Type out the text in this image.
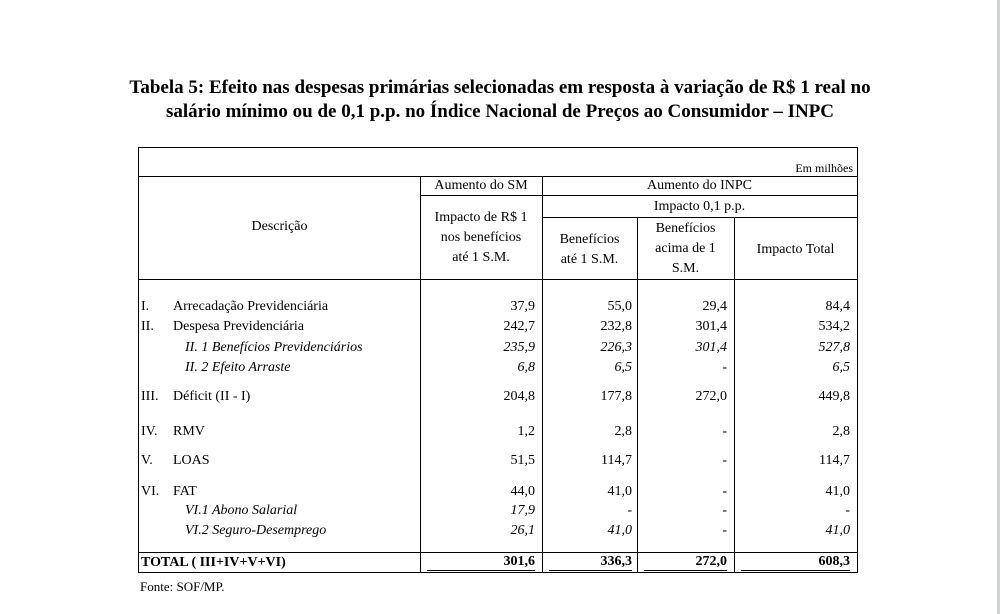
Tabela 5: Efeito nas despesas primárias selecionadas em resposta à variação de R$ 1 real no
salário mínimo ou de 0,1 p.p. no Índice Nacional de Preços ao Consumidor – INPC
Em milhões
Descrição
Aumento do SM	Aumento do INPC
Impacto 0,1 p.p.
Impacto de R$ 1
nos benefícios
até 1 S.M.
Benefícios
até 1 S.M.
Benefícios
acima de 1
S.M.
Impacto Total
I. Arrecadação Previdenciária	37,9	55,0	29,4	84,4
II. Despesa Previdenciária	242,7	232,8	301,4	534,2
II. 1 Benefícios Previdenciários	235,9	226,3	301,4	527,8
II. 2 Efeito Arraste	6,8	6,5	-	6,5
III. Déficit (II - I)	204,8	177,8	272,0	449,8
IV. RMV	1,2	2,8	-	2,8
V. LOAS	51,5	114,7	-	114,7
VI. FAT	44,0	41,0	-	41,0
VI.1 Abono Salarial	17,9	-	-	-
VI.2 Seguro-Desemprego	26,1	41,0	-	41,0
TOTAL ( III+IV+V+VI)	301,6	336,3	272,0	608,3
Fonte: SOF/MP.
